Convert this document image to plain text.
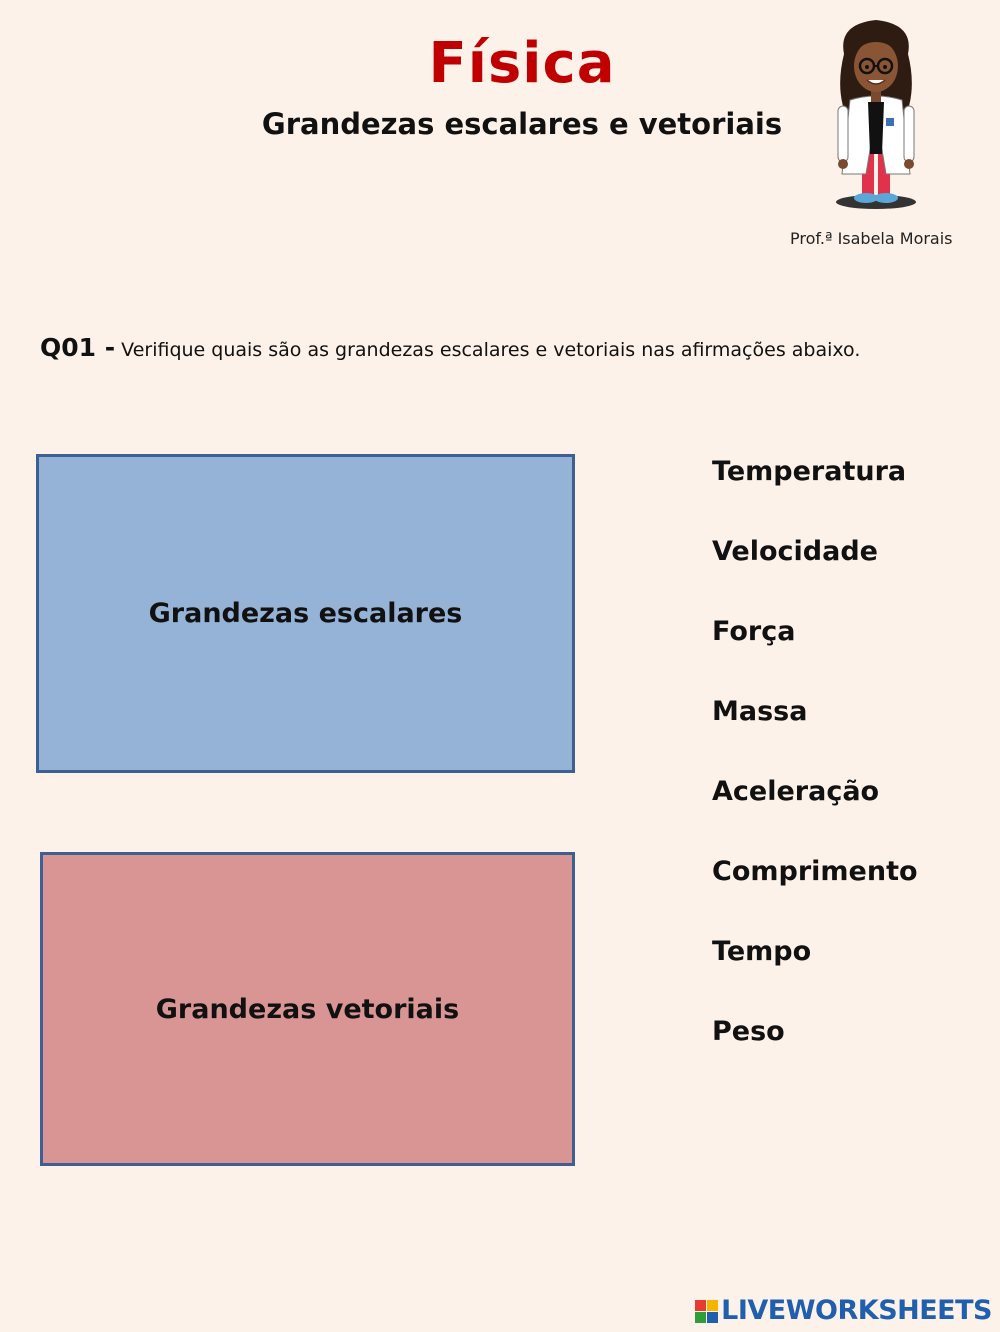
Física
Grandezas escalares e vetoriais
Prof.ª Isabela Morais
Q01 - Verifique quais são as grandezas escalares e vetoriais nas afirmações abaixo.
Grandezas escalares
Grandezas vetoriais
Temperatura
Velocidade
Força
Massa
Aceleração
Comprimento
Tempo
Peso
LIVEWORKSHEETS
